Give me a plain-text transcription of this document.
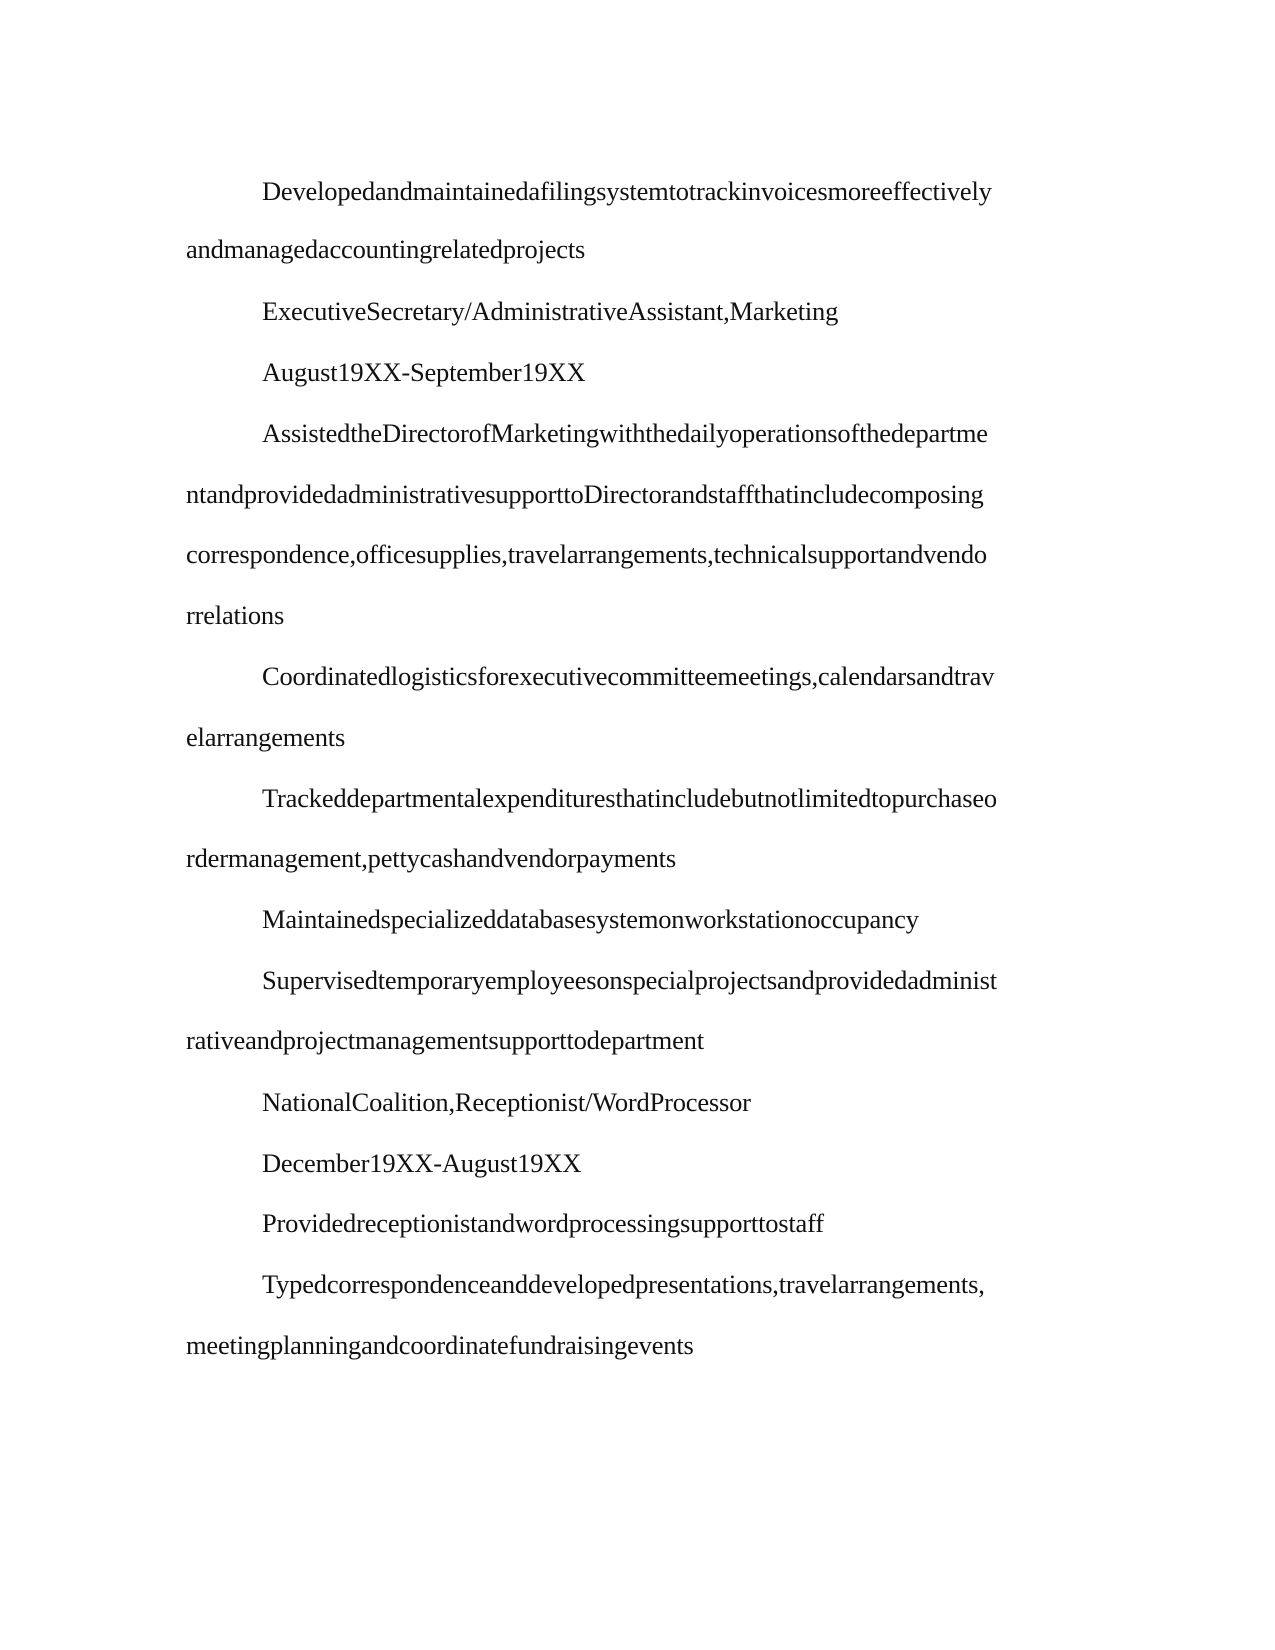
Developedandmaintainedafilingsystemtotrackinvoicesmoreeffectively

andmanagedaccountingrelatedprojects

ExecutiveSecretary/AdministrativeAssistant,Marketing

August19XX-September19XX

AssistedtheDirectorofMarketingwiththedailyoperationsofthedepartme

ntandprovidedadministrativesupporttoDirectorandstaffthatincludecomposing

correspondence,officesupplies,travelarrangements,technicalsupportandvendo

rrelations

Coordinatedlogisticsforexecutivecommitteemeetings,calendarsandtrav

elarrangements

Trackeddepartmentalexpendituresthatincludebutnotlimitedtopurchaseo

rdermanagement,pettycashandvendorpayments

Maintainedspecializeddatabasesystemonworkstationoccupancy

Supervisedtemporaryemployeesonspecialprojectsandprovidedadminist

rativeandprojectmanagementsupporttodepartment

NationalCoalition,Receptionist/WordProcessor

December19XX-August19XX

Providedreceptionistandwordprocessingsupporttostaff

Typedcorrespondenceanddevelopedpresentations,travelarrangements,

meetingplanningandcoordinatefundraisingevents
